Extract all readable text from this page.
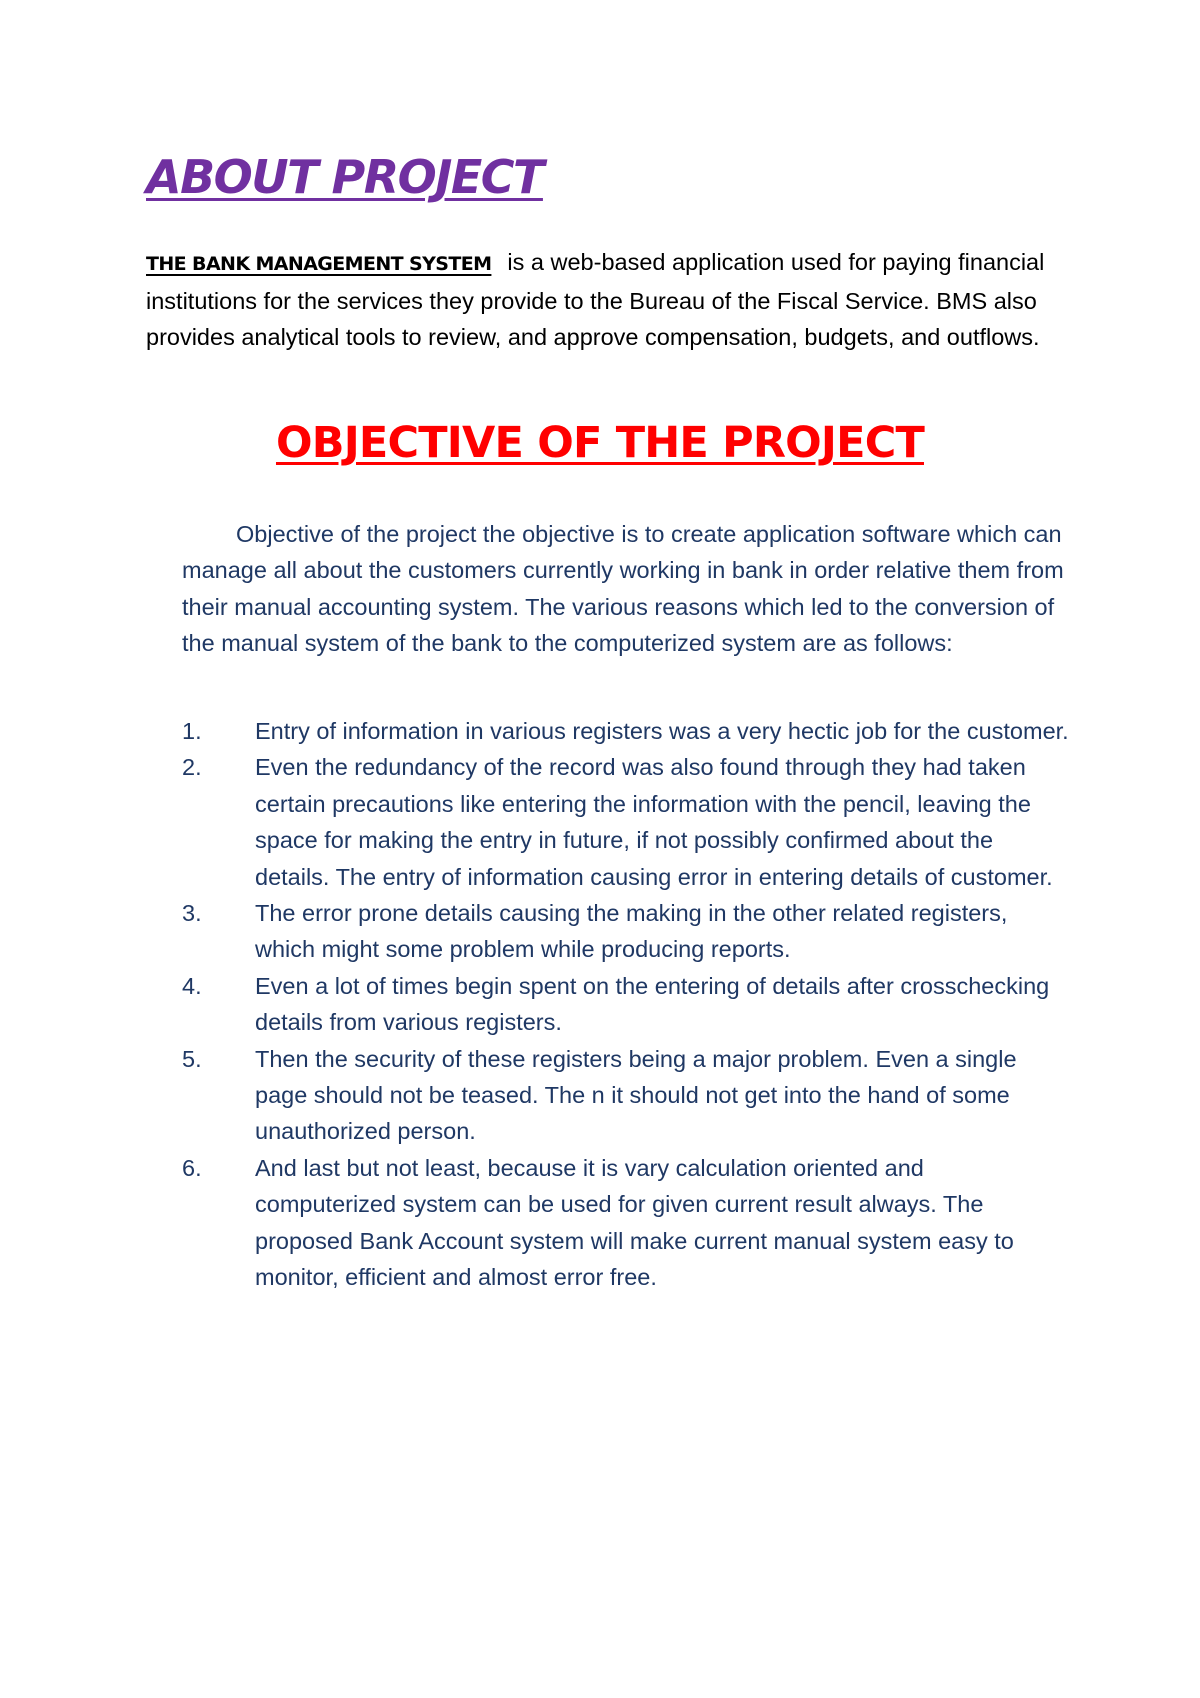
ABOUT PROJECT

THE BANK MANAGEMENT SYSTEM is a web-based application used for paying financial institutions for the services they provide to the Bureau of the Fiscal Service. BMS also provides analytical tools to review, and approve compensation, budgets, and outflows.

OBJECTIVE OF THE PROJECT

Objective of the project the objective is to create application software which can manage all about the customers currently working in bank in order relative them from their manual accounting system. The various reasons which led to the conversion of the manual system of the bank to the computerized system are as follows:

1.	Entry of information in various registers was a very hectic job for the customer.
2.	Even the redundancy of the record was also found through they had taken certain precautions like entering the information with the pencil, leaving the space for making the entry in future, if not possibly confirmed about the details. The entry of information causing error in entering details of customer.
3.	The error prone details causing the making in the other related registers, which might some problem while producing reports.
4.	Even a lot of times begin spent on the entering of details after crosschecking details from various registers.
5.	Then the security of these registers being a major problem. Even a single page should not be teased. The n it should not get into the hand of some unauthorized person.
6.	And last but not least, because it is vary calculation oriented and computerized system can be used for given current result always. The proposed Bank Account system will make current manual system easy to monitor, efficient and almost error free.
